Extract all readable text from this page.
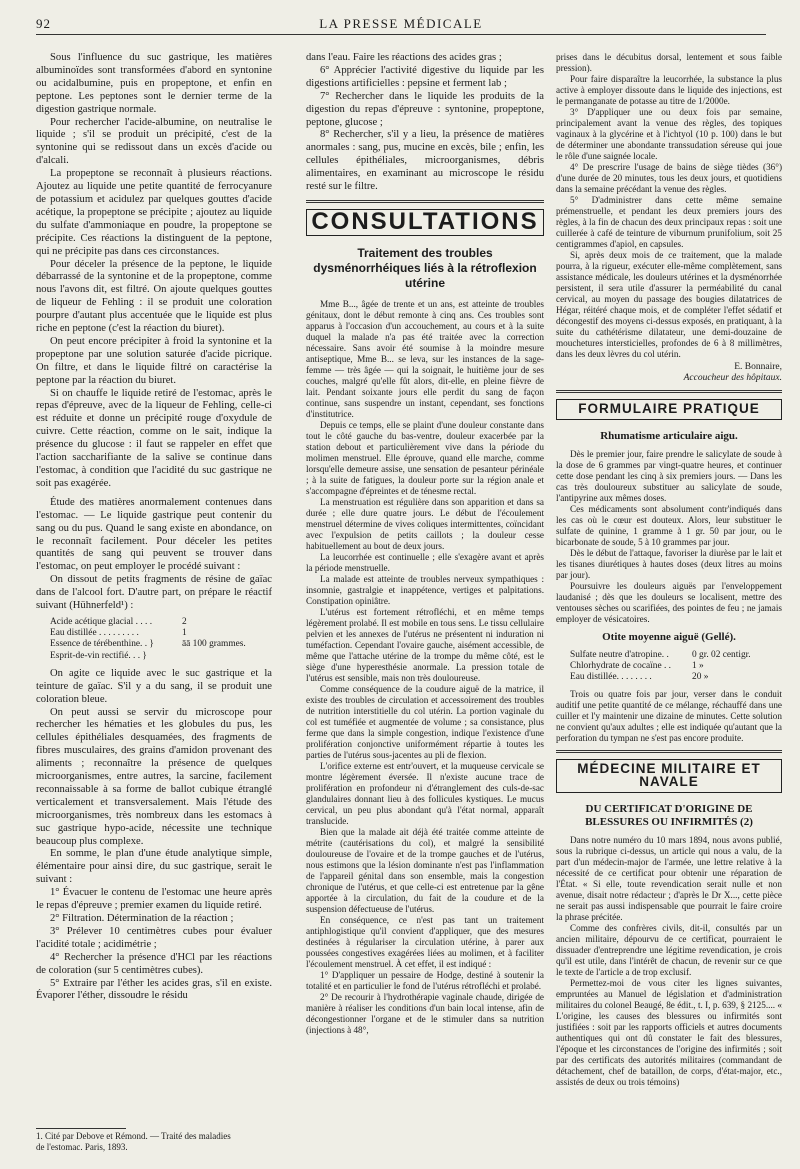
92	LA PRESSE MÉDICALE

Sous l'influence du suc gastrique, les matières albuminoïdes sont transformées d'abord en syntonine ou acidalbumine, puis en propeptone, et enfin en peptone. Les peptones sont le dernier terme de la digestion gastrique normale.

Pour rechercher l'acide-albumine, on neutralise le liquide ; s'il se produit un précipité, c'est de la syntonine qui se redissout dans un excès d'acide ou d'alcali.

La propeptone se reconnaît à plusieurs réactions. Ajoutez au liquide une petite quantité de ferrocyanure de potassium et acidulez par quelques gouttes d'acide acétique, la propeptone se précipite ; ajoutez au liquide du sulfate d'ammoniaque en poudre, la propeptone se précipite. Ces réactions la distinguent de la peptone, qui ne précipite pas dans ces circonstances.

Pour déceler la présence de la peptone, le liquide débarrassé de la syntonine et de la propeptone, comme nous l'avons dit, est filtré. On ajoute quelques gouttes de liqueur de Fehling : il se produit une coloration pourpre d'autant plus accentuée que le liquide est plus riche en peptone (c'est la réaction du biuret).

On peut encore précipiter à froid la syntonine et la propeptone par une solution saturée d'acide picrique. On filtre, et dans le liquide filtré on caractérise la peptone par la réaction du biuret.

Si on chauffe le liquide retiré de l'estomac, après le repas d'épreuve, avec de la liqueur de Fehling, celle-ci est réduite et donne un précipité rouge d'oxydule de cuivre. Cette réaction, comme on le sait, indique la présence du glucose : il faut se rappeler en effet que l'action saccharifiante de la salive se continue dans l'estomac, à condition que l'acidité du suc gastrique ne soit pas exagérée.

Étude des matières anormalement contenues dans l'estomac. — Le liquide gastrique peut contenir du sang ou du pus. Quand le sang existe en abondance, on le reconnaît facilement. Pour déceler les petites quantités de sang qui peuvent se trouver dans l'estomac, on peut employer le procédé suivant :

On dissout de petits fragments de résine de gaïac dans de l'alcool fort. D'autre part, on prépare le réactif suivant (Hühnerfeld¹) :

Acide acétique glacial . . . .	2
Eau distillée . . . . . . . . .	1
Essence de térébenthine. . }	āā 100 grammes.
Esprit-de-vin rectifié. . . }

On agite ce liquide avec le suc gastrique et la teinture de gaïac. S'il y a du sang, il se produit une coloration bleue.

On peut aussi se servir du microscope pour rechercher les hématies et les globules du pus, les cellules épithéliales desquamées, des fragments de fibres musculaires, des grains d'amidon provenant des aliments ; reconnaître la présence de quelques microorganismes, entre autres, la sarcine, facilement reconnaissable à sa forme de ballot cubique étranglé verticalement et transversalement. Mais l'étude des microorganismes, très nombreux dans les estomacs à suc gastrique hypo-acide, nécessite une technique beaucoup plus complexe.

En somme, le plan d'une étude analytique simple, élémentaire pour ainsi dire, du suc gastrique, serait le suivant :

1° Évacuer le contenu de l'estomac une heure après le repas d'épreuve ; premier examen du liquide retiré.

2° Filtration. Détermination de la réaction ;

3° Prélever 10 centimètres cubes pour évaluer l'acidité totale ; acidimétrie ;

4° Rechercher la présence d'HCl par les réactions de coloration (sur 5 centimètres cubes).

5° Extraire par l'éther les acides gras, s'il en existe. Évaporer l'éther, dissoudre le résidu

1. Cité par Debove et Rémond. — Traité des maladies
de l'estomac. Paris, 1893.

dans l'eau. Faire les réactions des acides gras ;

6° Apprécier l'activité digestive du liquide par les digestions artificielles : pepsine et ferment lab ;

7° Rechercher dans le liquide les produits de la digestion du repas d'épreuve : syntonine, propeptone, peptone, glucose ;

8° Rechercher, s'il y a lieu, la présence de matières anormales : sang, pus, mucine en excès, bile ; enfin, les cellules épithéliales, microorganismes, débris alimentaires, en examinant au microscope le résidu resté sur le filtre.

CONSULTATIONS
Traitement des troubles dysménorrhéiques liés à la rétroflexion utérine

Mme B..., âgée de trente et un ans, est atteinte de troubles génitaux, dont le début remonte à cinq ans. Ces troubles sont apparus à l'occasion d'un accouchement, au cours et à la suite duquel la malade n'a pas été traitée avec la correction nécessaire. Sans avoir été soumise à la moindre mesure antiseptique, Mme B... se leva, sur les instances de la sage-femme — très âgée — qui la soignait, le huitième jour de ses couches, malgré qu'elle fût alors, dit-elle, en pleine fièvre de lait. Pendant soixante jours elle perdit du sang de façon continue, sans suspendre un instant, cependant, ses fonctions d'institutrice.

Depuis ce temps, elle se plaint d'une douleur constante dans tout le côté gauche du bas-ventre, douleur exacerbée par la station debout et particulièrement vive dans la période du molimen menstruel. Elle éprouve, quand elle marche, comme lorsqu'elle demeure assise, une sensation de pesanteur périnéale ; à la suite de fatigues, la douleur porte sur la région anale et s'accompagne d'épreintes et de ténesme rectal.

La menstruation est régulière dans son apparition et dans sa durée ; elle dure quatre jours. Le début de l'écoulement menstruel détermine de vives coliques intermittentes, coïncidant avec l'expulsion de petits caillots ; la douleur cesse habituellement au bout de deux jours.

La leucorrhée est continuelle ; elle s'exagère avant et après la période menstruelle.

La malade est atteinte de troubles nerveux sympathiques : insomnie, gastralgie et inappétence, vertiges et palpitations. Constipation opiniâtre.

L'utérus est fortement rétrofléchi, et en même temps légèrement prolabé. Il est mobile en tous sens. Le tissu cellulaire pelvien et les annexes de l'utérus ne présentent ni induration ni tuméfaction. Cependant l'ovaire gauche, aisément accessible, de même que l'attache utérine de la trompe du même côté, est le siège d'une hyperesthésie anormale. La pression totale de l'utérus est sensible, mais non très douloureuse.

Comme conséquence de la coudure aiguë de la matrice, il existe des troubles de circulation et accessoirement des troubles de nutrition interstitielle du col utérin. La portion vaginale du col est tuméfiée et augmentée de volume ; sa consistance, plus ferme que dans la simple congestion, indique l'existence d'une prolifération conjonctive uniformément répartie à toutes les parties de l'utérus sous-jacentes au pli de flexion.

L'orifice externe est entr'ouvert, et la muqueuse cervicale se montre légèrement éversée. Il n'existe aucune trace de prolifération en profondeur ni d'étranglement des culs-de-sac glandulaires donnant lieu à des follicules kystiques. Le mucus cervical, un peu plus abondant qu'à l'état normal, apparaît translucide.

Bien que la malade ait déjà été traitée comme atteinte de métrite (cautérisations du col), et malgré la sensibilité douloureuse de l'ovaire et de la trompe gauches et de l'utérus, nous estimons que la lésion dominante n'est pas l'inflammation de l'appareil génital dans son ensemble, mais la congestion chronique de l'utérus, et que celle-ci est entretenue par la gêne apportée à la circulation, du fait de la coudure et de la suspension défectueuse de l'utérus.

En conséquence, ce n'est pas tant un traitement antiphlogistique qu'il convient d'appliquer, que des mesures destinées à régulariser la circulation utérine, à parer aux poussées congestives exagérées liées au molimen, et à faciliter l'écoulement menstruel. À cet effet, il est indiqué :

1° D'appliquer un pessaire de Hodge, destiné à soutenir la totalité et en particulier le fond de l'utérus rétrofléchi et prolabé.

2° De recourir à l'hydrothérapie vaginale chaude, dirigée de manière à réaliser les conditions d'un bain local intense, afin de décongestionner l'organe et de le stimuler dans sa nutrition (injections à 48°,

prises dans le décubitus dorsal, lentement et sous faible pression).

Pour faire disparaître la leucorrhée, la substance la plus active à employer dissoute dans le liquide des injections, est le permanganate de potasse au titre de 1/2000e.

3° D'appliquer une ou deux fois par semaine, principalement avant la venue des règles, des topiques vaginaux à la glycérine et à l'ichtyol (10 p. 100) dans le but de déterminer une abondante transsudation séreuse qui joue le rôle d'une saignée locale.

4° De prescrire l'usage de bains de siège tièdes (36°) d'une durée de 20 minutes, tous les deux jours, et quotidiens dans la semaine précédant la venue des règles.

5° D'administrer dans cette même semaine prémenstruelle, et pendant les deux premiers jours des règles, à la fin de chacun des deux principaux repas : soit une cuillerée à café de teinture de viburnum prunifolium, soit 25 centigrammes d'apiol, en capsules.

Si, après deux mois de ce traitement, que la malade pourra, à la rigueur, exécuter elle-même complètement, sans assistance médicale, les douleurs utérines et la dysménorrhée persistent, il sera utile d'assurer la perméabilité du canal cervical, au moyen du passage des bougies dilatatrices de Hégar, réitéré chaque mois, et de compléter l'effet sédatif et décongestif des moyens ci-dessus exposés, en pratiquant, à la suite du cathétérisme dilatateur, une demi-douzaine de mouchetures intersticielles, profondes de 6 à 8 millimètres, dans les deux lèvres du col utérin.

E. Bonnaire,
Accoucheur des hôpitaux.
FORMULAIRE PRATIQUE
Rhumatisme articulaire aigu.

Dès le premier jour, faire prendre le salicylate de soude à la dose de 6 grammes par vingt-quatre heures, et continuer cette dose pendant les cinq à six premiers jours. — Dans les cas très douloureux substituer au salicylate de soude, l'antipyrine aux mêmes doses.

Ces médicaments sont absolument contr'indiqués dans les cas où le cœur est douteux. Alors, leur substituer le sulfate de quinine, 1 gramme à 1 gr. 50 par jour, ou le bicarbonate de soude, 5 à 10 grammes par jour.

Dès le début de l'attaque, favoriser la diurèse par le lait et les tisanes diurétiques à hautes doses (deux litres au moins par jour).

Poursuivre les douleurs aiguës par l'enveloppement laudanisé ; dès que les douleurs se localisent, mettre des ventouses sèches ou scarifiées, des pointes de feu ; ne jamais employer de vésicatoires.

Otite moyenne aiguë (Gellé).
Sulfate neutre d'atropine. .	0 gr. 02 centigr.
Chlorhydrate de cocaïne . .	1 »
Eau distillée. . . . . . . .	20 »

Trois ou quatre fois par jour, verser dans le conduit auditif une petite quantité de ce mélange, réchauffé dans une cuiller et l'y maintenir une dizaine de minutes. Cette solution ne convient qu'aux adultes ; elle est indiquée qu'autant que la perforation du tympan ne s'est pas encore produite.

MÉDECINE MILITAIRE ET NAVALE
DU CERTIFICAT D'ORIGINE DE BLESSURES OU INFIRMITÉS (2)

Dans notre numéro du 10 mars 1894, nous avons publié, sous la rubrique ci-dessus, un article qui nous a valu, de la part d'un médecin-major de l'armée, une lettre relative à la nécessité de ce certificat pour obtenir une réparation de l'État. « Si elle, toute revendication serait nulle et non avenue, disait notre rédacteur ; d'après le Dr X..., cette pièce ne serait pas aussi indispensable que pourrait le faire croire la phrase précitée.

Comme des confrères civils, dit-il, consultés par un ancien militaire, dépourvu de ce certificat, pourraient le dissuader d'entreprendre une légitime revendication, je crois qu'il est utile, dans l'intérêt de chacun, de revenir sur ce que le texte de l'article a de trop exclusif.

Permettez-moi de vous citer les lignes suivantes, empruntées au Manuel de législation et d'administration militaires du colonel Beaugé, 8e édit., t. I, p. 639, § 2125.... « L'origine, les causes des blessures ou infirmités sont justifiées : soit par les rapports officiels et autres documents authentiques qui ont dû constater le fait des blessures, l'époque et les circonstances de l'origine des infirmités ; soit par des certificats des autorités militaires (commandant de détachement, chef de bataillon, de corps, d'état-major, etc., assistés de deux ou trois témoins)
